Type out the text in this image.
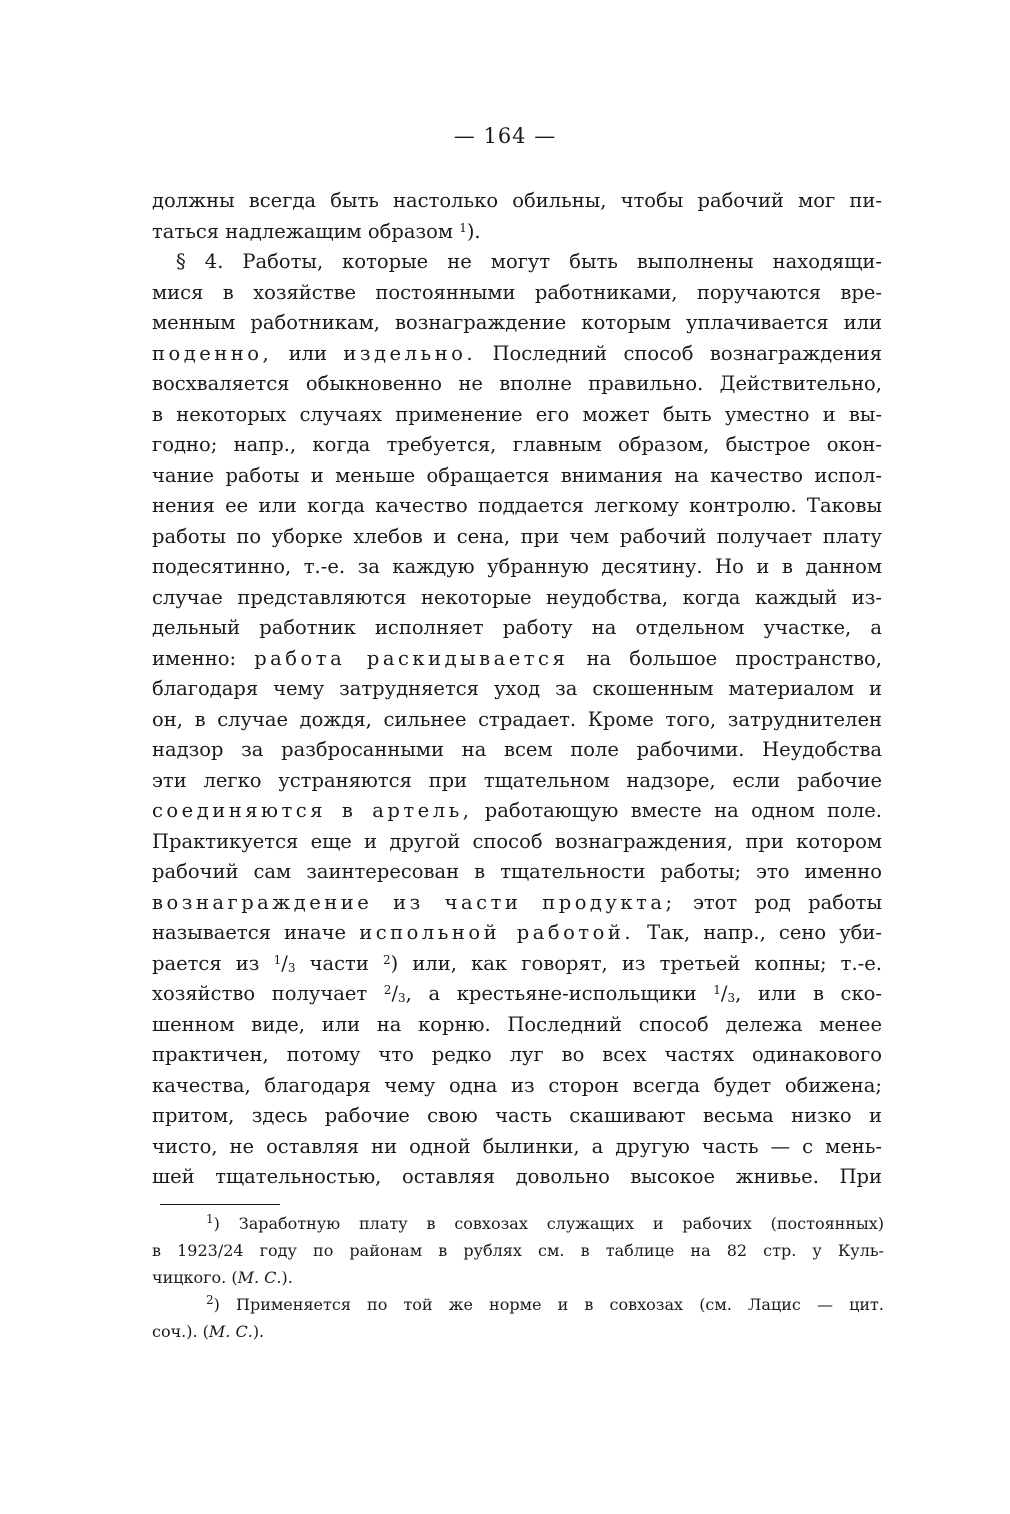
— 164 —
должны всегда быть настолько обильны, чтобы рабочий мог пи-
таться надлежащим образом $^1$).
§ 4. Работы, которые не могут быть выполнены находящи-
мися в хозяйстве постоянными работниками, поручаются вре-
менным работникам, вознаграждение которым уплачивается или
поденно, или издельно. Последний способ вознаграждения
восхваляется обыкновенно не вполне правильно. Действительно,
в некоторых случаях применение его может быть уместно и вы-
годно; напр., когда требуется, главным образом, быстрое окон-
чание работы и меньше обращается внимания на качество испол-
нения ее или когда качество поддается легкому контролю. Таковы
работы по уборке хлебов и сена, при чем рабочий получает плату
подесятинно, т.-е. за каждую убранную десятину. Но и в данном
случае представляются некоторые неудобства, когда каждый из-
дельный работник исполняет работу на отдельном участке, а
именно: работа раскидывается на большое пространство,
благодаря чему затрудняется уход за скошенным материалом и
он, в случае дождя, сильнее страдает. Кроме того, затруднителен
надзор за разбросанными на всем поле рабочими. Неудобства
эти легко устраняются при тщательном надзоре, если рабочие
соединяются в артель, работающую вместе на одном поле.
Практикуется еще и другой способ вознаграждения, при котором
рабочий сам заинтересован в тщательности работы; это именно
вознаграждение из части продукта; этот род работы
называется иначе испольной работой. Так, напр., сено уби-
рается из $^1$/3 части $^2$) или, как говорят, из третьей копны; т.-е.
хозяйство получает $^2$/3, а крестьяне-испольщики $^1$/3, или в ско-
шенном виде, или на корню. Последний способ дележа менее
практичен, потому что редко луг во всех частях одинакового
качества, благодаря чему одна из сторон всегда будет обижена;
притом, здесь рабочие свою часть скашивают весьма низко и
чисто, не оставляя ни одной былинки, а другую часть — с мень-
шей тщательностью, оставляя довольно высокое жнивье. При
$^1$) Заработную плату в совхозах служащих и рабочих (постоянных)
в 1923/24 году по районам в рублях см. в таблице на 82 стр. у Куль-
чицкого. (М. С.).
$^2$) Применяется по той же норме и в совхозах (см. Лацис — цит.
соч.). (М. С.).
